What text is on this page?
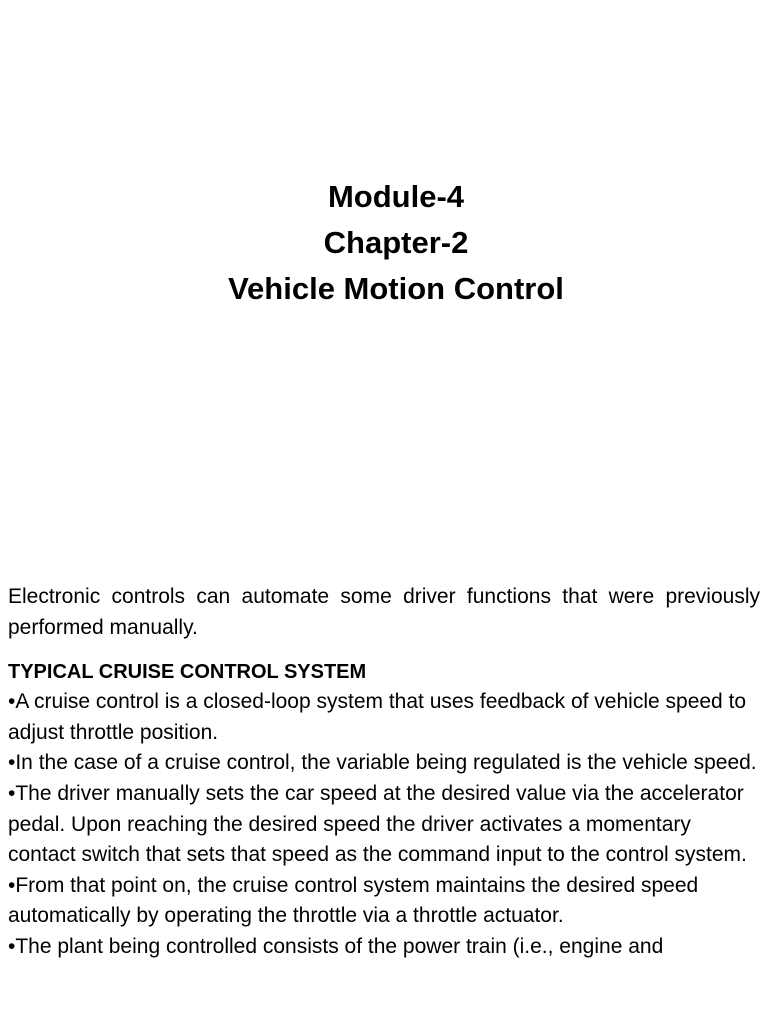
Module-4
Chapter-2
Vehicle Motion Control

Electronic controls can automate some driver functions that were previously performed manually.

TYPICAL CRUISE CONTROL SYSTEM
•A cruise control is a closed-loop system that uses feedback of vehicle speed to adjust throttle position.
•In the case of a cruise control, the variable being regulated is the vehicle speed.
•The driver manually sets the car speed at the desired value via the accelerator pedal. Upon reaching the desired speed the driver activates a momentary contact switch that sets that speed as the command input to the control system.
•From that point on, the cruise control system maintains the desired speed automatically by operating the throttle via a throttle actuator.
•The plant being controlled consists of the power train (i.e., engine and
